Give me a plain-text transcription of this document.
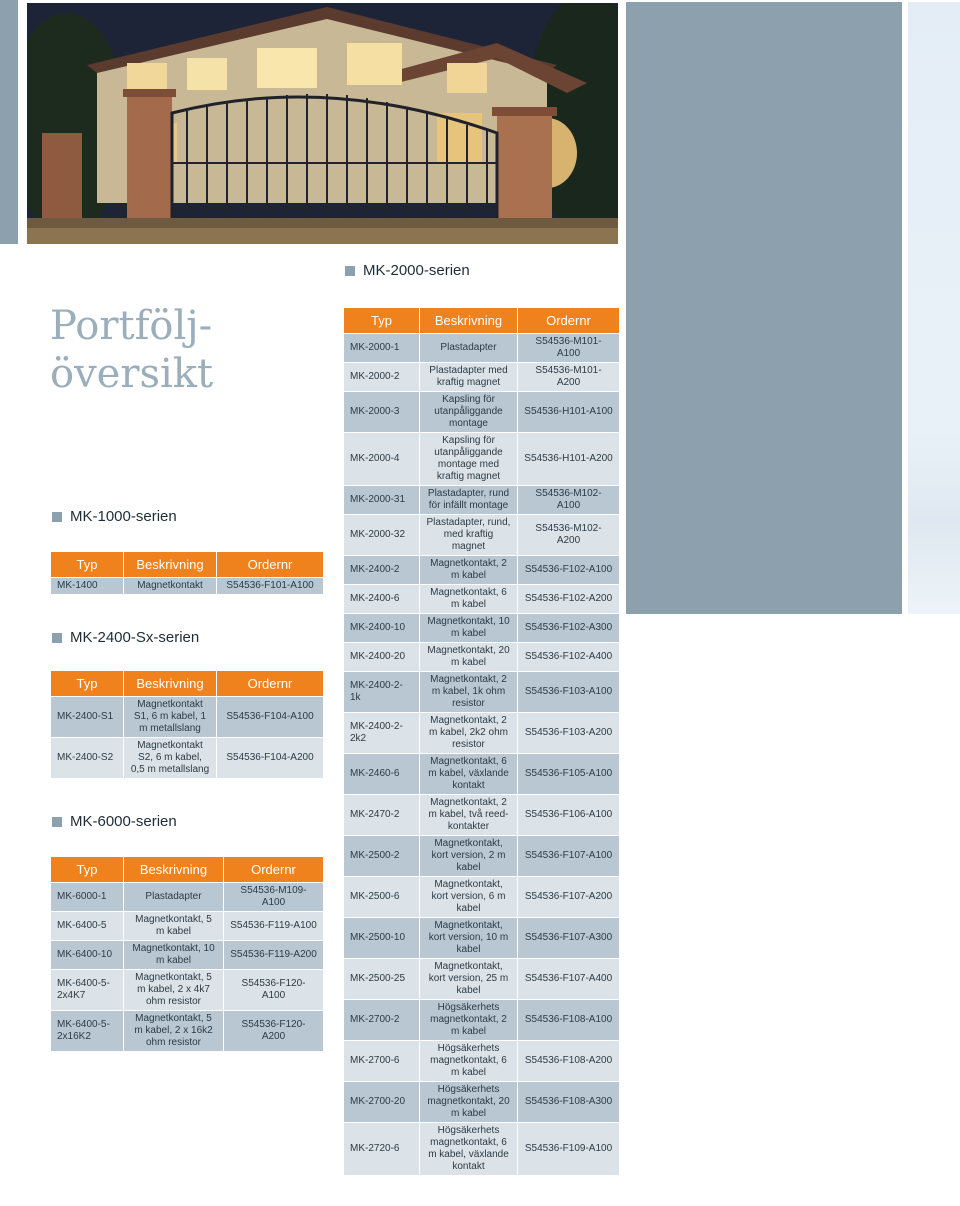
Portfölj-
översikt
MK-1000-serien
Typ	Beskrivning	Ordernr
MK-1400	Magnetkontakt	S54536-F101-A100
MK-2400-Sx-serien
Typ	Beskrivning	Ordernr
MK-2400-S1	Magnetkontakt S1, 6 m kabel, 1 m metallslang	S54536-F104-A100
MK-2400-S2	Magnetkontakt S2, 6 m kabel, 0,5 m metallslang	S54536-F104-A200
MK-6000-serien
Typ	Beskrivning	Ordernr
MK-6000-1	Plastadapter	S54536-M109-A100
MK-6400-5	Magnetkontakt, 5 m kabel	S54536-F119-A100
MK-6400-10	Magnetkontakt, 10 m kabel	S54536-F119-A200
MK-6400-5-2x4K7	Magnetkontakt, 5 m kabel, 2 x 4k7 ohm resistor	S54536-F120-A100
MK-6400-5-2x16K2	Magnetkontakt, 5 m kabel, 2 x 16k2 ohm resistor	S54536-F120-A200
MK-2000-serien
Typ	Beskrivning	Ordernr
MK-2000-1	Plastadapter	S54536-M101-A100
MK-2000-2	Plastadapter med kraftig magnet	S54536-M101-A200
MK-2000-3	Kapsling för utanpåliggande montage	S54536-H101-A100
MK-2000-4	Kapsling för utanpåliggande montage med kraftig magnet	S54536-H101-A200
MK-2000-31	Plastadapter, rund för infällt montage	S54536-M102-A100
MK-2000-32	Plastadapter, rund, med kraftig magnet	S54536-M102-A200
MK-2400-2	Magnetkontakt, 2 m kabel	S54536-F102-A100
MK-2400-6	Magnetkontakt, 6 m kabel	S54536-F102-A200
MK-2400-10	Magnetkontakt, 10 m kabel	S54536-F102-A300
MK-2400-20	Magnetkontakt, 20 m kabel	S54536-F102-A400
MK-2400-2-1k	Magnetkontakt, 2 m kabel, 1k ohm resistor	S54536-F103-A100
MK-2400-2-2k2	Magnetkontakt, 2 m kabel, 2k2 ohm resistor	S54536-F103-A200
MK-2460-6	Magnetkontakt, 6 m kabel, växlande kontakt	S54536-F105-A100
MK-2470-2	Magnetkontakt, 2 m kabel, två reed-kontakter	S54536-F106-A100
MK-2500-2	Magnetkontakt, kort version, 2 m kabel	S54536-F107-A100
MK-2500-6	Magnetkontakt, kort version, 6 m kabel	S54536-F107-A200
MK-2500-10	Magnetkontakt, kort version, 10 m kabel	S54536-F107-A300
MK-2500-25	Magnetkontakt, kort version, 25 m kabel	S54536-F107-A400
MK-2700-2	Högsäkerhets magnetkontakt, 2 m kabel	S54536-F108-A100
MK-2700-6	Högsäkerhets magnetkontakt, 6 m kabel	S54536-F108-A200
MK-2700-20	Högsäkerhets magnetkontakt, 20 m kabel	S54536-F108-A300
MK-2720-6	Högsäkerhets magnetkontakt, 6 m kabel, växlande kontakt	S54536-F109-A100
